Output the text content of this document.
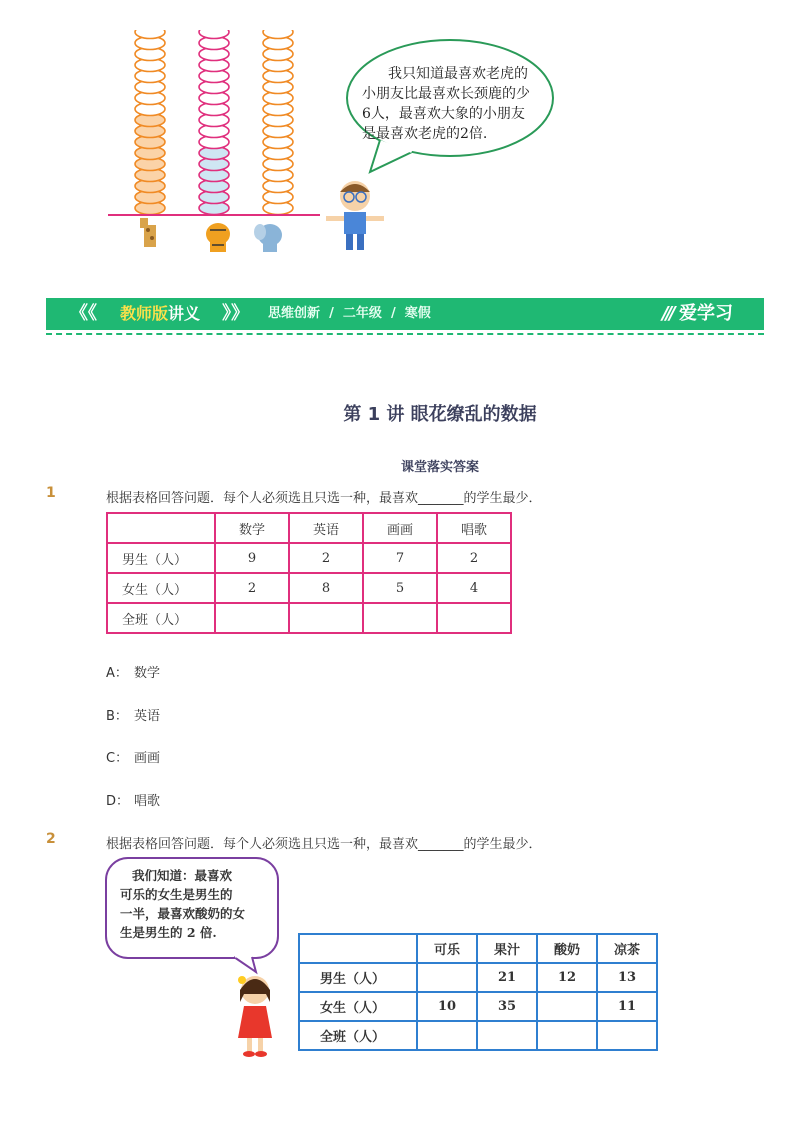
我只知道最喜欢老虎的
小朋友比最喜欢长颈鹿的少
6人，最喜欢大象的小朋友
是最喜欢老虎的2倍.
《《 教师版讲义 》》 思维创新 / 二年级 / 寒假	/// 爱学习
第 1 讲 眼花缭乱的数据
课堂落实答案
1	根据表格回答问题．每个人必须选且只选一种，最喜欢_______的学生最少．
	数学	英语	画画	唱歌
男生（人）	9	2	7	2
女生（人）	2	8	5	4
全班（人）				
A： 数学
B： 英语
C： 画画
D： 唱歌
2	根据表格回答问题．每个人必须选且只选一种，最喜欢_______的学生最少．
我们知道：最喜欢
可乐的女生是男生的
一半，最喜欢酸奶的女
生是男生的 2 倍.
	可乐	果汁	酸奶	凉茶
男生（人）		21	12	13
女生（人）	10	35		11
全班（人）				
